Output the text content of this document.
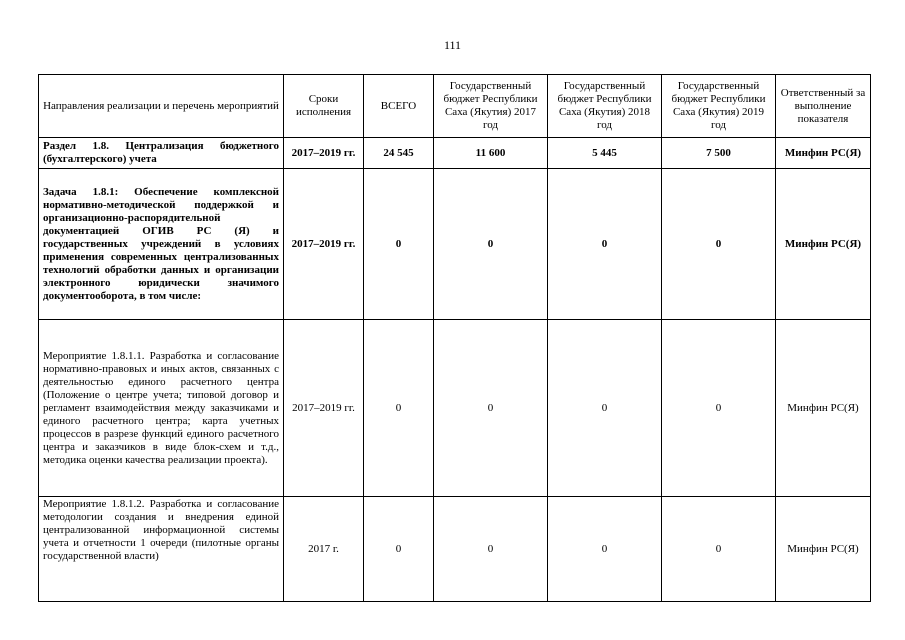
111
Направления реализации и перечень мероприятий	Сроки исполнения	ВСЕГО	Государственный бюджет Республики Саха (Якутия) 2017 год	Государственный бюджет Республики Саха (Якутия) 2018 год	Государственный бюджет Республики Саха (Якутия) 2019 год	Ответственный за выполнение показателя
Раздел 1.8. Централизация бюджетного (бухгалтерского) учета	2017–2019 гг.	24 545	11 600	5 445	7 500	Минфин РС(Я)
Задача 1.8.1: Обеспечение комплексной нормативно-методической поддержкой и организационно-распорядительной документацией ОГИВ РС (Я) и государственных учреждений в условиях применения современных централизованных технологий обработки данных и организации электронного юридически значимого документооборота, в том числе:	2017–2019 гг.	0	0	0	0	Минфин РС(Я)
Мероприятие 1.8.1.1. Разработка и согласование нормативно-правовых и иных актов, связанных с деятельностью единого расчетного центра (Положение о центре учета; типовой договор и регламент взаимодействия между заказчиками и единого расчетного центра; карта учетных процессов в разрезе функций единого расчетного центра и заказчиков в виде блок-схем и т.д., методика оценки качества реализации проекта).	2017–2019 гг.	0	0	0	0	Минфин РС(Я)
Мероприятие 1.8.1.2. Разработка и согласование методологии создания и внедрения единой централизованной информационной системы учета и отчетности 1 очереди (пилотные органы государственной власти)	2017 г.	0	0	0	0	Минфин РС(Я)
